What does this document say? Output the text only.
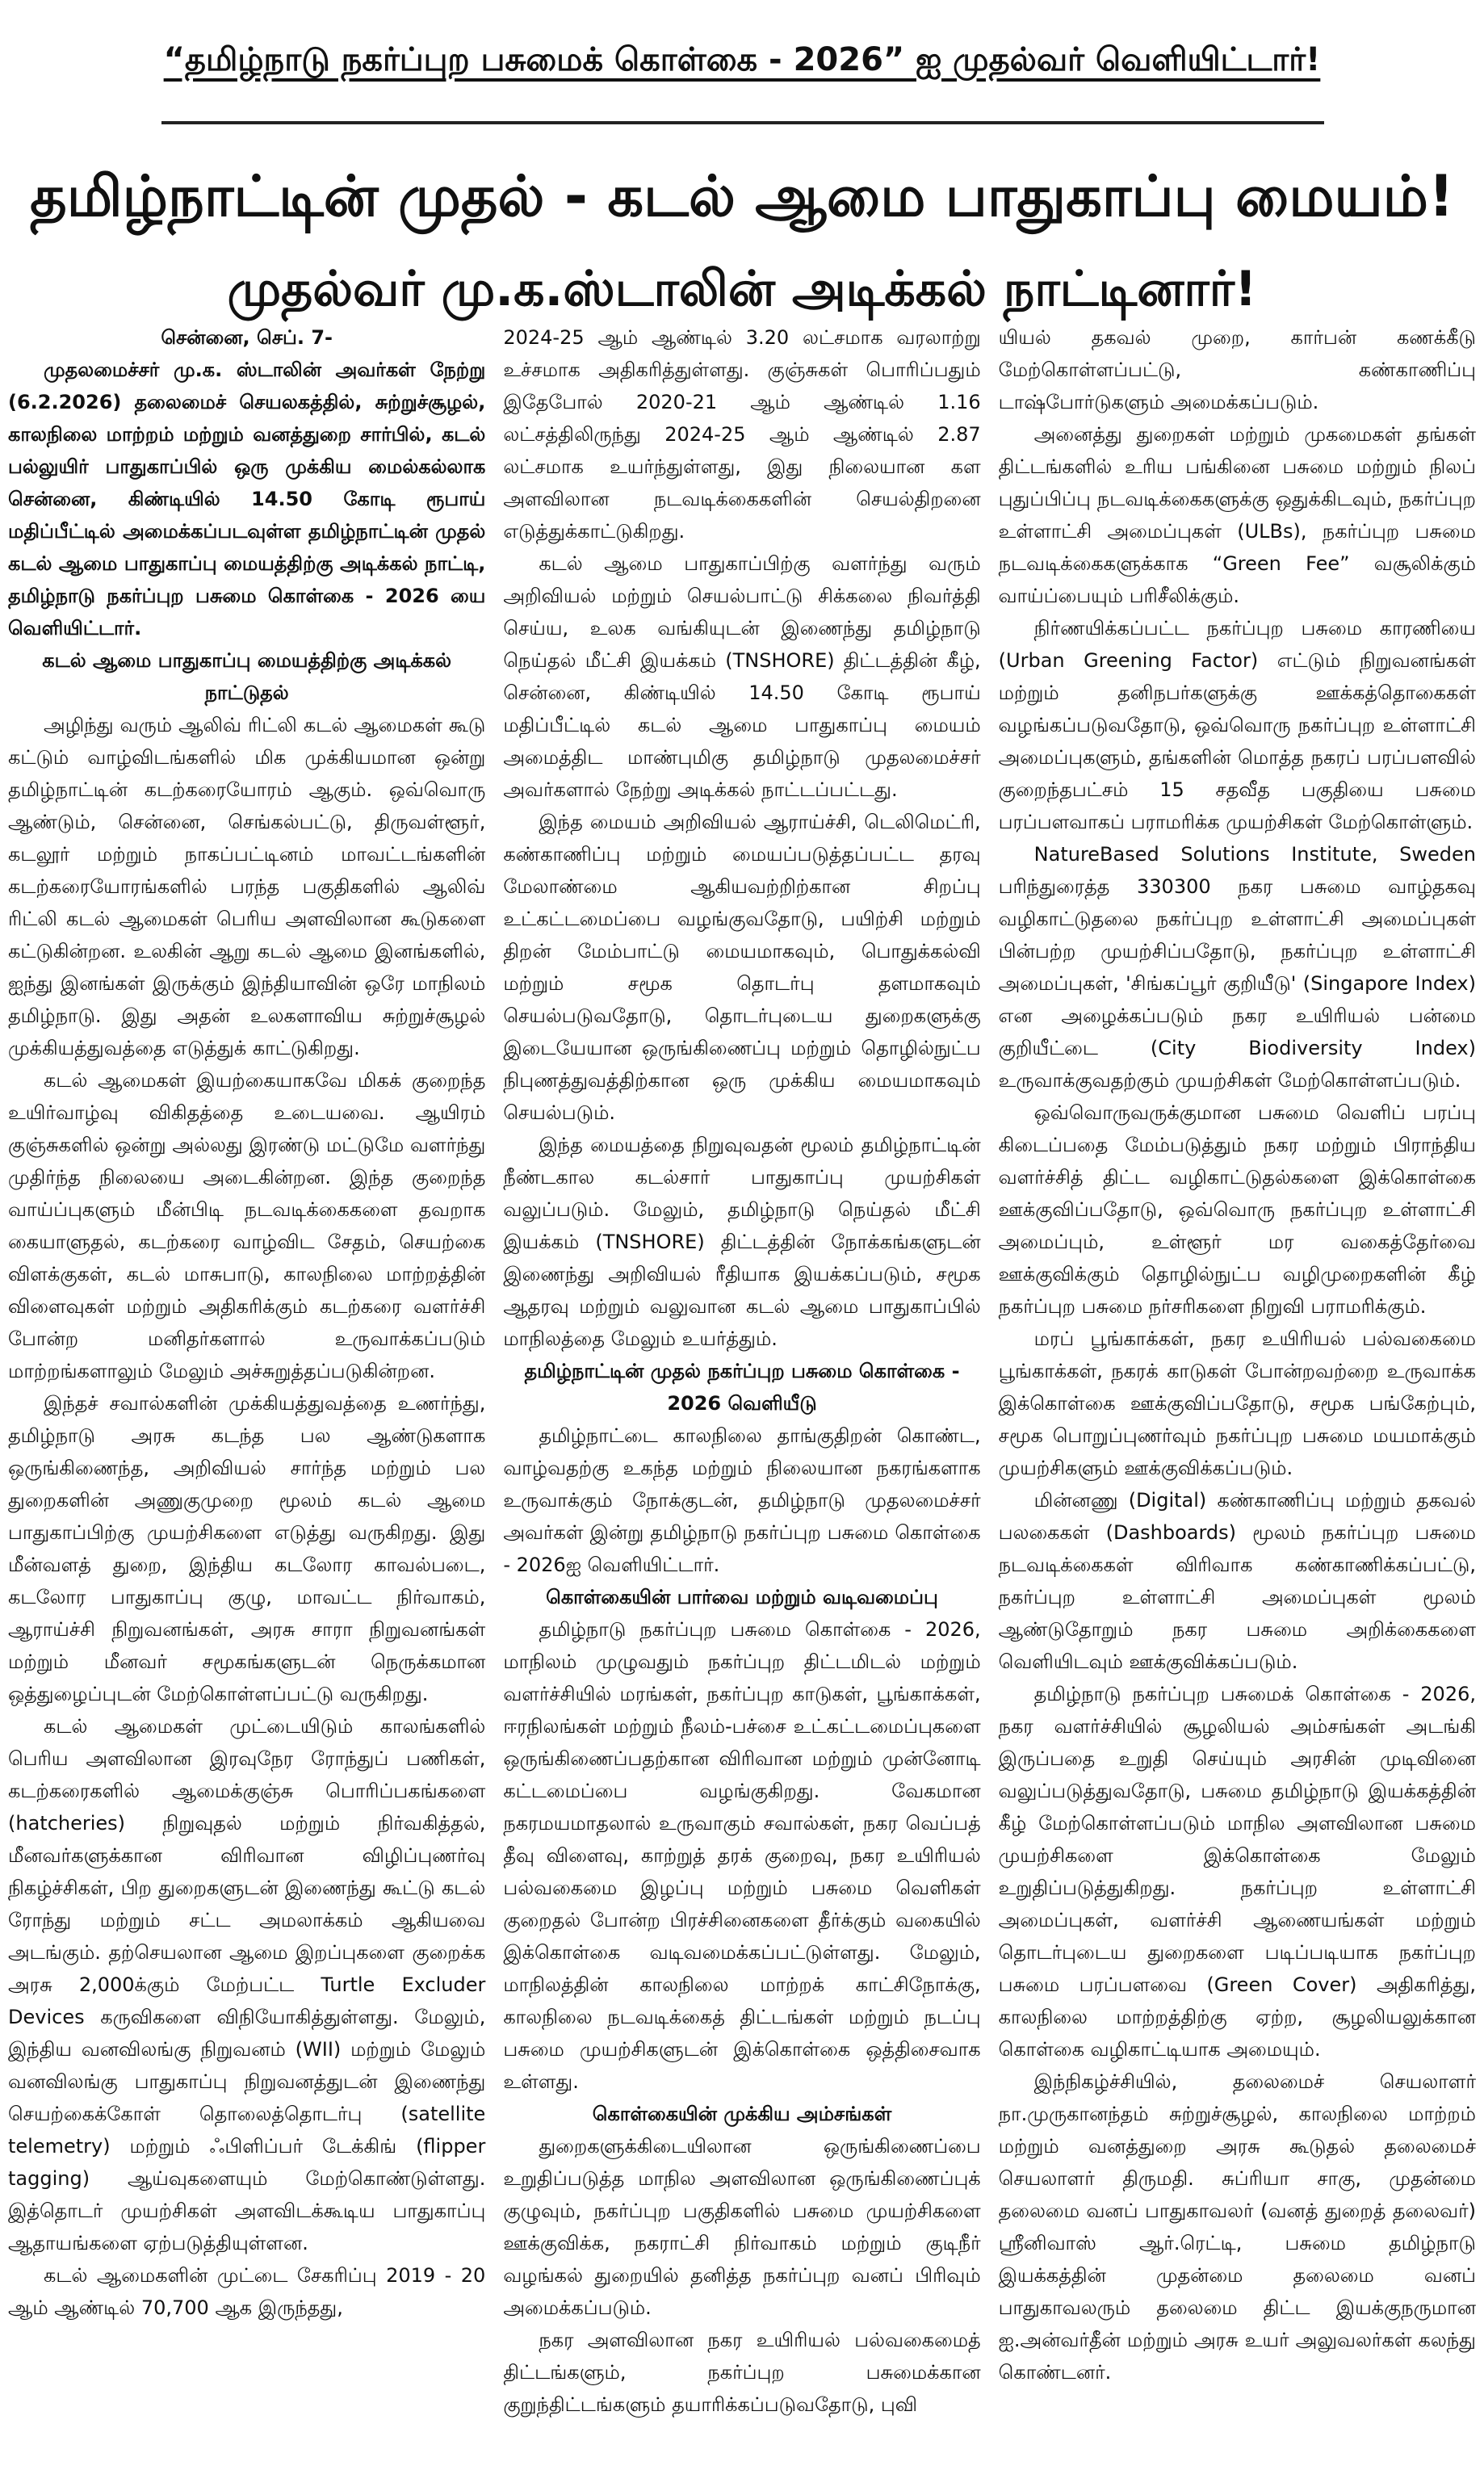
“தமிழ்நாடு நகர்ப்புற பசுமைக் கொள்கை - 2026” ஐ முதல்வர் வெளியிட்டார்!
தமிழ்நாட்டின் முதல் - கடல் ஆமை பாதுகாப்பு மையம்!
முதல்வர் மு.க.ஸ்டாலின் அடிக்கல் நாட்டினார்!

சென்னை, செப். 7-

முதலமைச்சர் மு.க. ஸ்டாலின் அவர்கள் நேற்று (6.2.2026) தலைமைச் செயலகத்தில், சுற்றுச்சூழல், காலநிலை மாற்றம் மற்றும் வனத்துறை சார்பில், கடல் பல்லுயிர் பாதுகாப்பில் ஒரு முக்கிய மைல்கல்லாக சென்னை, கிண்டியில் 14.50 கோடி ரூபாய் மதிப்பீட்டில் அமைக்கப்படவுள்ள தமிழ்நாட்டின் முதல் கடல் ஆமை பாதுகாப்பு மையத்திற்கு அடிக்கல் நாட்டி, தமிழ்நாடு நகர்ப்புற பசுமை கொள்கை - 2026 யை வெளியிட்டார்.

கடல் ஆமை பாதுகாப்பு மையத்திற்கு அடிக்கல் நாட்டுதல்

அழிந்து வரும் ஆலிவ் ரிட்லி கடல் ஆமைகள் கூடு கட்டும் வாழ்விடங்களில் மிக முக்கியமான ஒன்று தமிழ்நாட்டின் கடற்கரையோரம் ஆகும். ஒவ்வொரு ஆண்டும், சென்னை, செங்கல்பட்டு, திருவள்ளூர், கடலூர் மற்றும் நாகப்பட்டினம் மாவட்டங்களின் கடற்கரையோரங்களில் பரந்த பகுதிகளில் ஆலிவ் ரிட்லி கடல் ஆமைகள் பெரிய அளவிலான கூடுகளை கட்டுகின்றன. உலகின் ஆறு கடல் ஆமை இனங்களில், ஐந்து இனங்கள் இருக்கும் இந்தியாவின் ஒரே மாநிலம் தமிழ்நாடு. இது அதன் உலகளாவிய சுற்றுச்சூழல் முக்கியத்துவத்தை எடுத்துக் காட்டுகிறது.

கடல் ஆமைகள் இயற்கையாகவே மிகக் குறைந்த உயிர்வாழ்வு விகிதத்தை உடையவை. ஆயிரம் குஞ்சுகளில் ஒன்று அல்லது இரண்டு மட்டுமே வளர்ந்து முதிர்ந்த நிலையை அடைகின்றன. இந்த குறைந்த வாய்ப்புகளும் மீன்பிடி நடவடிக்கைகளை தவறாக கையாளுதல், கடற்கரை வாழ்விட சேதம், செயற்கை விளக்குகள், கடல் மாசுபாடு, காலநிலை மாற்றத்தின் விளைவுகள் மற்றும் அதிகரிக்கும் கடற்கரை வளர்ச்சி போன்ற மனிதர்களால் உருவாக்கப்படும் மாற்றங்களாலும் மேலும் அச்சுறுத்தப்படுகின்றன.

இந்தச் சவால்களின் முக்கியத்துவத்தை உணர்ந்து, தமிழ்நாடு அரசு கடந்த பல ஆண்டுகளாக ஒருங்கிணைந்த, அறிவியல் சார்ந்த மற்றும் பல துறைகளின் அணுகுமுறை மூலம் கடல் ஆமை பாதுகாப்பிற்கு முயற்சிகளை எடுத்து வருகிறது. இது மீன்வளத் துறை, இந்திய கடலோர காவல்படை, கடலோர பாதுகாப்பு குழு, மாவட்ட நிர்வாகம், ஆராய்ச்சி நிறுவனங்கள், அரசு சாரா நிறுவனங்கள் மற்றும் மீனவர் சமூகங்களுடன் நெருக்கமான ஒத்துழைப்புடன் மேற்கொள்ளப்பட்டு வருகிறது.

கடல் ஆமைகள் முட்டையிடும் காலங்களில் பெரிய அளவிலான இரவுநேர ரோந்துப் பணிகள், கடற்கரைகளில் ஆமைக்குஞ்சு பொரிப்பகங்களை (hatcheries) நிறுவுதல் மற்றும் நிர்வகித்தல், மீனவர்களுக்கான விரிவான விழிப்புணர்வு நிகழ்ச்சிகள், பிற துறைகளுடன் இணைந்து கூட்டு கடல் ரோந்து மற்றும் சட்ட அமலாக்கம் ஆகியவை அடங்கும். தற்செயலான ஆமை இறப்புகளை குறைக்க அரசு 2,000க்கும் மேற்பட்ட Turtle Excluder Devices கருவிகளை விநியோகித்துள்ளது. மேலும், இந்திய வனவிலங்கு நிறுவனம் (WII) மற்றும் மேலும் வனவிலங்கு பாதுகாப்பு நிறுவனத்துடன் இணைந்து செயற்கைக்கோள் தொலைத்தொடர்பு (satellite telemetry) மற்றும் ஃபிளிப்பர் டேக்கிங் (flipper tagging) ஆய்வுகளையும் மேற்கொண்டுள்ளது. இத்தொடர் முயற்சிகள் அளவிடக்கூடிய பாதுகாப்பு ஆதாயங்களை ஏற்படுத்தியுள்ளன.

கடல் ஆமைகளின் முட்டை சேகரிப்பு 2019 - 20 ஆம் ஆண்டில் 70,700 ஆக இருந்தது,

2024-25 ஆம் ஆண்டில் 3.20 லட்சமாக வரலாற்று உச்சமாக அதிகரித்துள்ளது. குஞ்சுகள் பொரிப்பதும் இதேபோல் 2020-21 ஆம் ஆண்டில் 1.16 லட்சத்திலிருந்து 2024-25 ஆம் ஆண்டில் 2.87 லட்சமாக உயர்ந்துள்ளது, இது நிலையான கள அளவிலான நடவடிக்கைகளின் செயல்திறனை எடுத்துக்காட்டுகிறது.

கடல் ஆமை பாதுகாப்பிற்கு வளர்ந்து வரும் அறிவியல் மற்றும் செயல்பாட்டு சிக்கலை நிவர்த்தி செய்ய, உலக வங்கியுடன் இணைந்து தமிழ்நாடு நெய்தல் மீட்சி இயக்கம் (TNSHORE) திட்டத்தின் கீழ், சென்னை, கிண்டியில் 14.50 கோடி ரூபாய் மதிப்பீட்டில் கடல் ஆமை பாதுகாப்பு மையம் அமைத்திட மாண்புமிகு தமிழ்நாடு முதலமைச்சர் அவர்களால் நேற்று அடிக்கல் நாட்டப்பட்டது.

இந்த மையம் அறிவியல் ஆராய்ச்சி, டெலிமெட்ரி, கண்காணிப்பு மற்றும் மையப்படுத்தப்பட்ட தரவு மேலாண்மை ஆகியவற்றிற்கான சிறப்பு உட்கட்டமைப்பை வழங்குவதோடு, பயிற்சி மற்றும் திறன் மேம்பாட்டு மையமாகவும், பொதுக்கல்வி மற்றும் சமூக தொடர்பு தளமாகவும் செயல்படுவதோடு, தொடர்புடைய துறைகளுக்கு இடையேயான ஒருங்கிணைப்பு மற்றும் தொழில்நுட்ப நிபுணத்துவத்திற்கான ஒரு முக்கிய மையமாகவும் செயல்படும்.

இந்த மையத்தை நிறுவுவதன் மூலம் தமிழ்நாட்டின் நீண்டகால கடல்சார் பாதுகாப்பு முயற்சிகள் வலுப்படும். மேலும், தமிழ்நாடு நெய்தல் மீட்சி இயக்கம் (TNSHORE) திட்டத்தின் நோக்கங்களுடன் இணைந்து அறிவியல் ரீதியாக இயக்கப்படும், சமூக ஆதரவு மற்றும் வலுவான கடல் ஆமை பாதுகாப்பில் மாநிலத்தை மேலும் உயர்த்தும்.

தமிழ்நாட்டின் முதல் நகர்ப்புற பசுமை கொள்கை - 2026 வெளியீடு

தமிழ்நாட்டை காலநிலை தாங்குதிறன் கொண்ட, வாழ்வதற்கு உகந்த மற்றும் நிலையான நகரங்களாக உருவாக்கும் நோக்குடன், தமிழ்நாடு முதலமைச்சர் அவர்கள் இன்று தமிழ்நாடு நகர்ப்புற பசுமை கொள்கை - 2026ஐ வெளியிட்டார்.

கொள்கையின் பார்வை மற்றும் வடிவமைப்பு

தமிழ்நாடு நகர்ப்புற பசுமை கொள்கை - 2026, மாநிலம் முழுவதும் நகர்ப்புற திட்டமிடல் மற்றும் வளர்ச்சியில் மரங்கள், நகர்ப்புற காடுகள், பூங்காக்கள், ஈரநிலங்கள் மற்றும் நீலம்-பச்சை உட்கட்டமைப்புகளை ஒருங்கிணைப்பதற்கான விரிவான மற்றும் முன்னோடி கட்டமைப்பை வழங்குகிறது. வேகமான நகரமயமாதலால் உருவாகும் சவால்கள், நகர வெப்பத் தீவு விளைவு, காற்றுத் தரக் குறைவு, நகர உயிரியல் பல்வகைமை இழப்பு மற்றும் பசுமை வெளிகள் குறைதல் போன்ற பிரச்சினைகளை தீர்க்கும் வகையில் இக்கொள்கை வடிவமைக்கப்பட்டுள்ளது. மேலும், மாநிலத்தின் காலநிலை மாற்றக் காட்சிநோக்கு, காலநிலை நடவடிக்கைத் திட்டங்கள் மற்றும் நடப்பு பசுமை முயற்சிகளுடன் இக்கொள்கை ஒத்திசைவாக உள்ளது.

கொள்கையின் முக்கிய அம்சங்கள்

துறைகளுக்கிடையிலான ஒருங்கிணைப்பை உறுதிப்படுத்த மாநில அளவிலான ஒருங்கிணைப்புக் குழுவும், நகர்ப்புற பகுதிகளில் பசுமை முயற்சிகளை ஊக்குவிக்க, நகராட்சி நிர்வாகம் மற்றும் குடிநீர் வழங்கல் துறையில் தனித்த நகர்ப்புற வனப் பிரிவும் அமைக்கப்படும்.

நகர அளவிலான நகர உயிரியல் பல்வகைமைத் திட்டங்களும், நகர்ப்புற பசுமைக்கான குறுந்திட்டங்களும் தயாரிக்கப்படுவதோடு, புவி

யியல் தகவல் முறை, கார்பன் கணக்கீடு மேற்கொள்ளப்பட்டு, கண்காணிப்பு டாஷ்போர்டுகளும் அமைக்கப்படும்.

அனைத்து துறைகள் மற்றும் முகமைகள் தங்கள் திட்டங்களில் உரிய பங்கினை பசுமை மற்றும் நிலப் புதுப்பிப்பு நடவடிக்கைகளுக்கு ஒதுக்கிடவும், நகர்ப்புற உள்ளாட்சி அமைப்புகள் (ULBs), நகர்ப்புற பசுமை நடவடிக்கைகளுக்காக “Green Fee” வசூலிக்கும் வாய்ப்பையும் பரிசீலிக்கும்.

நிர்ணயிக்கப்பட்ட நகர்ப்புற பசுமை காரணியை (Urban Greening Factor) எட்டும் நிறுவனங்கள் மற்றும் தனிநபர்களுக்கு ஊக்கத்தொகைகள் வழங்கப்படுவதோடு, ஒவ்வொரு நகர்ப்புற உள்ளாட்சி அமைப்புகளும், தங்களின் மொத்த நகரப் பரப்பளவில் குறைந்தபட்சம் 15 சதவீத பகுதியை பசுமை பரப்பளவாகப் பராமரிக்க முயற்சிகள் மேற்கொள்ளும்.

NatureBased Solutions Institute, Sweden பரிந்துரைத்த 330300 நகர பசுமை வாழ்தகவு வழிகாட்டுதலை நகர்ப்புற உள்ளாட்சி அமைப்புகள் பின்பற்ற முயற்சிப்பதோடு, நகர்ப்புற உள்ளாட்சி அமைப்புகள், 'சிங்கப்பூர் குறியீடு' (Singapore Index) என அழைக்கப்படும் நகர உயிரியல் பன்மை குறியீட்டை (City Biodiversity Index) உருவாக்குவதற்கும் முயற்சிகள் மேற்கொள்ளப்படும்.

ஒவ்வொருவருக்குமான பசுமை வெளிப் பரப்பு கிடைப்பதை மேம்படுத்தும் நகர மற்றும் பிராந்திய வளர்ச்சித் திட்ட வழிகாட்டுதல்களை இக்கொள்கை ஊக்குவிப்பதோடு, ஒவ்வொரு நகர்ப்புற உள்ளாட்சி அமைப்பும், உள்ளூர் மர வகைத்தேர்வை ஊக்குவிக்கும் தொழில்நுட்ப வழிமுறைகளின் கீழ் நகர்ப்புற பசுமை நர்சரிகளை நிறுவி பராமரிக்கும்.

மரப் பூங்காக்கள், நகர உயிரியல் பல்வகைமை பூங்காக்கள், நகரக் காடுகள் போன்றவற்றை உருவாக்க இக்கொள்கை ஊக்குவிப்பதோடு, சமூக பங்கேற்பும், சமூக பொறுப்புணர்வும் நகர்ப்புற பசுமை மயமாக்கும் முயற்சிகளும் ஊக்குவிக்கப்படும்.

மின்னணு (Digital) கண்காணிப்பு மற்றும் தகவல் பலகைகள் (Dashboards) மூலம் நகர்ப்புற பசுமை நடவடிக்கைகள் விரிவாக கண்காணிக்கப்பட்டு, நகர்ப்புற உள்ளாட்சி அமைப்புகள் மூலம் ஆண்டுதோறும் நகர பசுமை அறிக்கைகளை வெளியிடவும் ஊக்குவிக்கப்படும்.

தமிழ்நாடு நகர்ப்புற பசுமைக் கொள்கை - 2026, நகர வளர்ச்சியில் சூழலியல் அம்சங்கள் அடங்கி இருப்பதை உறுதி செய்யும் அரசின் முடிவினை வலுப்படுத்துவதோடு, பசுமை தமிழ்நாடு இயக்கத்தின் கீழ் மேற்கொள்ளப்படும் மாநில அளவிலான பசுமை முயற்சிகளை இக்கொள்கை மேலும் உறுதிப்படுத்துகிறது. நகர்ப்புற உள்ளாட்சி அமைப்புகள், வளர்ச்சி ஆணையங்கள் மற்றும் தொடர்புடைய துறைகளை படிப்படியாக நகர்ப்புற பசுமை பரப்பளவை (Green Cover) அதிகரித்து, காலநிலை மாற்றத்திற்கு ஏற்ற, சூழலியலுக்கான கொள்கை வழிகாட்டியாக அமையும்.

இந்நிகழ்ச்சியில், தலைமைச் செயலாளர் நா.முருகானந்தம் சுற்றுச்சூழல், காலநிலை மாற்றம் மற்றும் வனத்துறை அரசு கூடுதல் தலைமைச் செயலாளர் திருமதி. சுப்ரியா சாகு, முதன்மை தலைமை வனப் பாதுகாவலர் (வனத் துறைத் தலைவர்) ஸ்ரீனிவாஸ் ஆர்.ரெட்டி, பசுமை தமிழ்நாடு இயக்கத்தின் முதன்மை தலைமை வனப் பாதுகாவலரும் தலைமை திட்ட இயக்குநருமான ஐ.அன்வர்தீன் மற்றும் அரசு உயர் அலுவலர்கள் கலந்து கொண்டனர்.
